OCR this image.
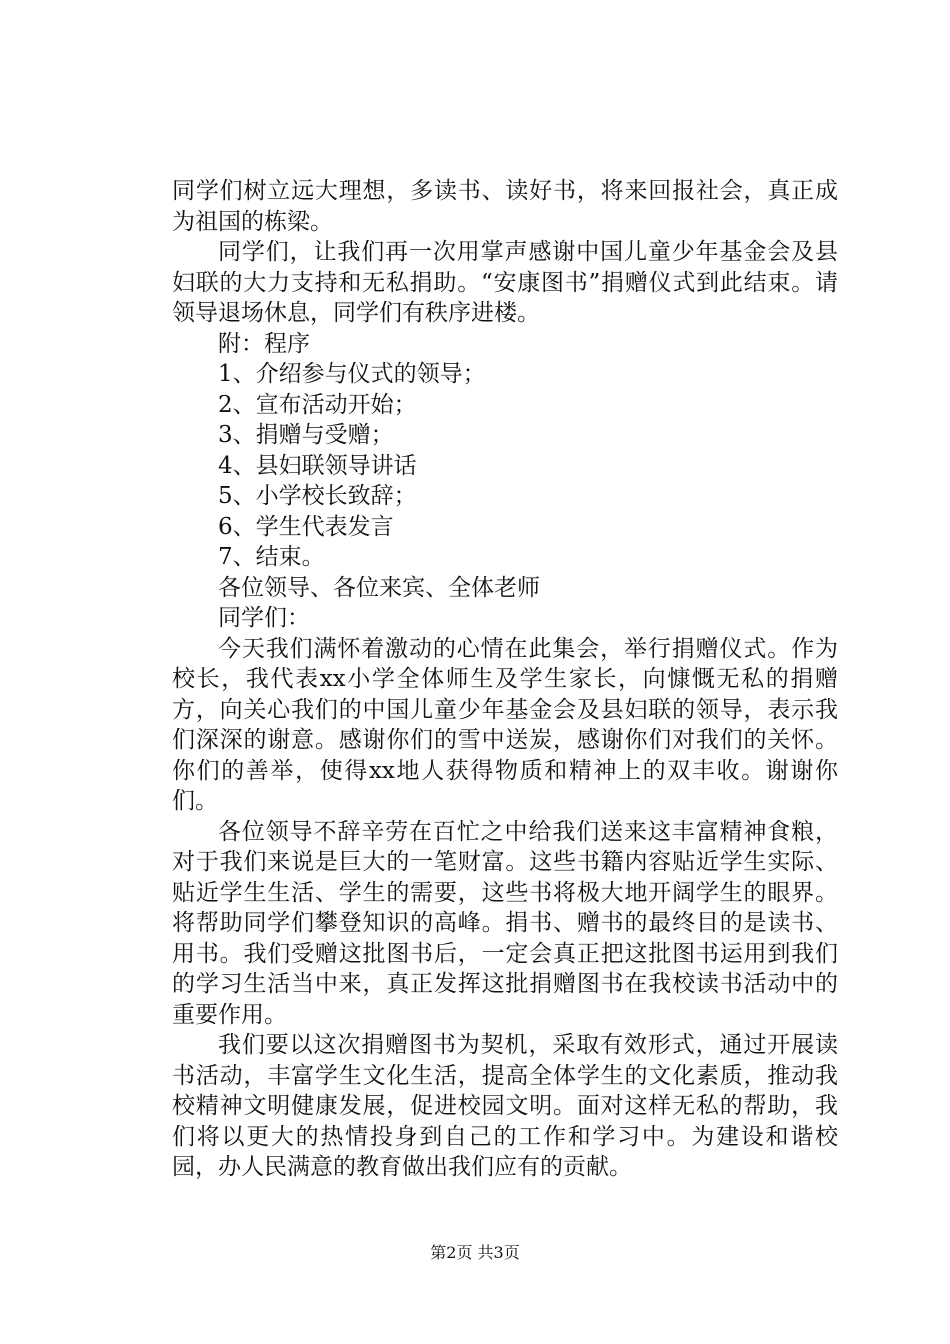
同学们树立远大理想，多读书、读好书，将来回报社会，真正成为祖国的栋梁。

同学们，让我们再一次用掌声感谢中国儿童少年基金会及县妇联的大力支持和无私捐助。“安康图书”捐赠仪式到此结束。请领导退场休息，同学们有秩序进楼。

附：程序

1、介绍参与仪式的领导；

2、宣布活动开始；

3、捐赠与受赠；

4、县妇联领导讲话

5、小学校长致辞；

6、学生代表发言

7、结束。

各位领导、各位来宾、全体老师

同学们：

今天我们满怀着激动的心情在此集会，举行捐赠仪式。作为校长，我代表xx小学全体师生及学生家长，向慷慨无私的捐赠方，向关心我们的中国儿童少年基金会及县妇联的领导，表示我们深深的谢意。感谢你们的雪中送炭，感谢你们对我们的关怀。你们的善举，使得xx地人获得物质和精神上的双丰收。谢谢你们。

各位领导不辞辛劳在百忙之中给我们送来这丰富精神食粮，对于我们来说是巨大的一笔财富。这些书籍内容贴近学生实际、贴近学生生活、学生的需要，这些书将极大地开阔学生的眼界。将帮助同学们攀登知识的高峰。捐书、赠书的最终目的是读书、用书。我们受赠这批图书后，一定会真正把这批图书运用到我们的学习生活当中来，真正发挥这批捐赠图书在我校读书活动中的重要作用。

我们要以这次捐赠图书为契机，采取有效形式，通过开展读书活动，丰富学生文化生活，提高全体学生的文化素质，推动我校精神文明健康发展，促进校园文明。面对这样无私的帮助，我们将以更大的热情投身到自己的工作和学习中。为建设和谐校园，办人民满意的教育做出我们应有的贡献。

第2页 共3页
